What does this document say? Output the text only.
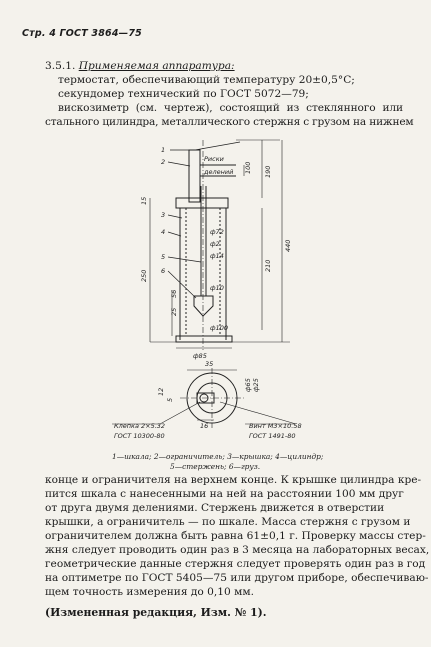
Стр. 4 ГОСТ 3864—75
3.5.1. Применяемая аппаратура:
термостат, обеспечивающий температуру 20±0,5°С;
секундомер технический по ГОСТ 5072—79;
вискозиметр (см. чертеж), состоящий из стеклянного или
стального цилиндра, металлического стержня с грузом на нижнем
Риски
делений
1
2
3
4
5
6
ф72
ф2
ф14
ф10
ф100
ф85
35
16
Клепка 2×5.32
ГОСТ 10300-80
Винт М3×10.58
ГОСТ 1491-80
100 190
440
210
250
15
25
56
12
5
ф25
ф65
1—шкала; 2—ограничитель; 3—крышка; 4—цилиндр;
5—стержень; 6—груз.
конце и ограничителя на верхнем конце. К крышке цилиндра кре-
пится шкала с нанесенными на ней на расстоянии 100 мм друг
от друга двумя делениями. Стержень движется в отверстии
крышки, а ограничитель — по шкале. Масса стержня с грузом и
ограничителем должна быть равна 61±0,1 г. Проверку массы стер-
жня следует проводить один раз в 3 месяца на лабораторных весах,
геометрические данные стержня следует проверять один раз в год
на оптиметре по ГОСТ 5405—75 или другом приборе, обеспечиваю-
щем точность измерения до 0,10 мм.
(Измененная редакция, Изм. № 1).
